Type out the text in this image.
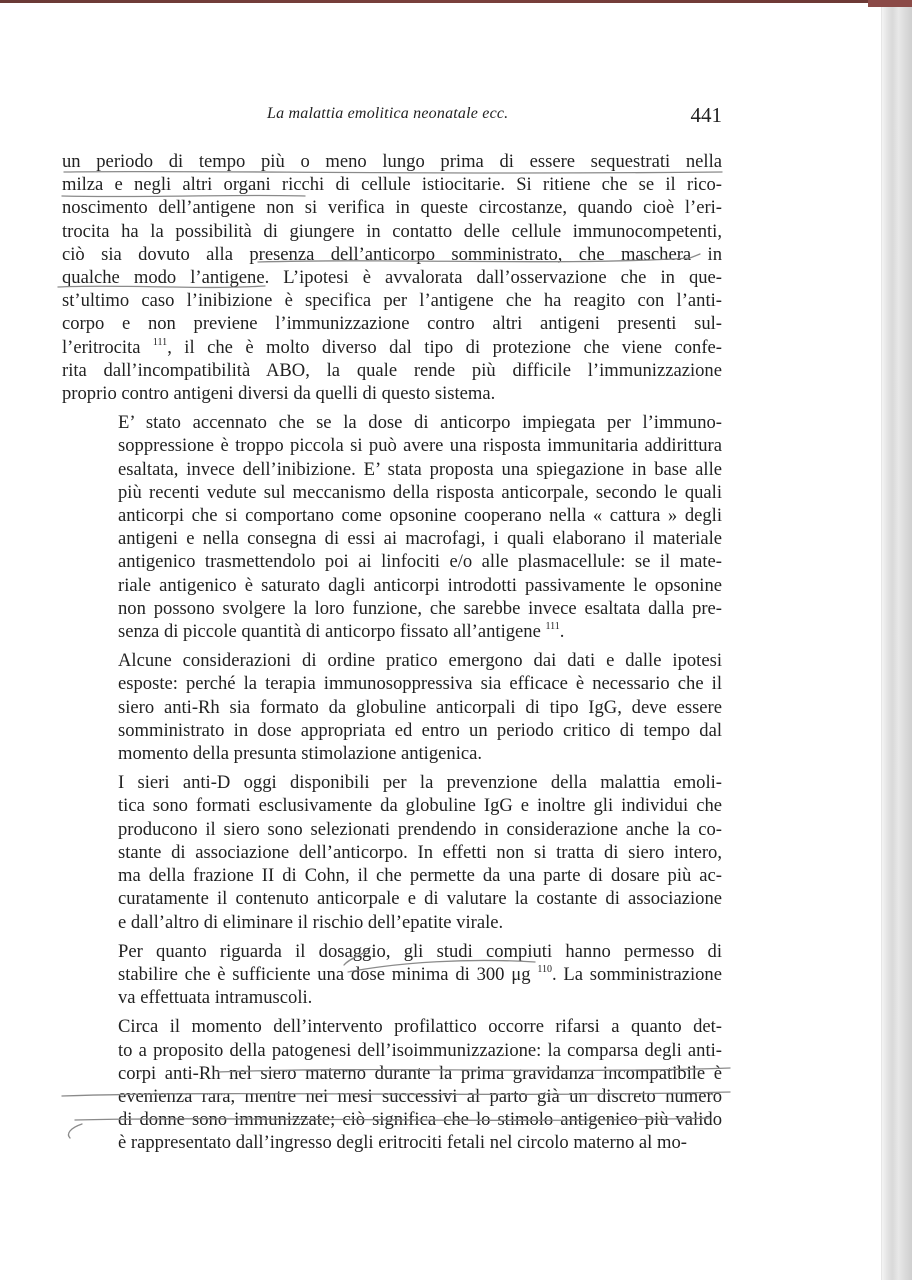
La malattia emolitica neonatale ecc.	441

un periodo di tempo più o meno lungo prima di essere sequestrati nella
milza e negli altri organi ricchi di cellule istiocitarie. Si ritiene che se il rico-
noscimento dell’antigene non si verifica in queste circostanze, quando cioè l’eri-
trocita ha la possibilità di giungere in contatto delle cellule immunocompetenti,
ciò sia dovuto alla presenza dell’anticorpo somministrato, che maschera in
qualche modo l’antigene. L’ipotesi è avvalorata dall’osservazione che in que-
st’ultimo caso l’inibizione è specifica per l’antigene che ha reagito con l’anti-
corpo e non previene l’immunizzazione contro altri antigeni presenti sul-
l’eritrocita $^{111}$, il che è molto diverso dal tipo di protezione che viene confe-
rita dall’incompatibilità ABO, la quale rende più difficile l’immunizzazione
proprio contro antigeni diversi da quelli di questo sistema.

E’ stato accennato che se la dose di anticorpo impiegata per l’immuno-
soppressione è troppo piccola si può avere una risposta immunitaria addirittura
esaltata, invece dell’inibizione. E’ stata proposta una spiegazione in base alle
più recenti vedute sul meccanismo della risposta anticorpale, secondo le quali
anticorpi che si comportano come opsonine cooperano nella « cattura » degli
antigeni e nella consegna di essi ai macrofagi, i quali elaborano il materiale
antigenico trasmettendolo poi ai linfociti e/o alle plasmacellule: se il mate-
riale antigenico è saturato dagli anticorpi introdotti passivamente le opsonine
non possono svolgere la loro funzione, che sarebbe invece esaltata dalla pre-
senza di piccole quantità di anticorpo fissato all’antigene $^{111}$.

Alcune considerazioni di ordine pratico emergono dai dati e dalle ipotesi
esposte: perché la terapia immunosoppressiva sia efficace è necessario che il
siero anti-Rh sia formato da globuline anticorpali di tipo IgG, deve essere
somministrato in dose appropriata ed entro un periodo critico di tempo dal
momento della presunta stimolazione antigenica.

I sieri anti-D oggi disponibili per la prevenzione della malattia emoli-
tica sono formati esclusivamente da globuline IgG e inoltre gli individui che
producono il siero sono selezionati prendendo in considerazione anche la co-
stante di associazione dell’anticorpo. In effetti non si tratta di siero intero,
ma della frazione II di Cohn, il che permette da una parte di dosare più ac-
curatamente il contenuto anticorpale e di valutare la costante di associazione
e dall’altro di eliminare il rischio dell’epatite virale.

Per quanto riguarda il dosaggio, gli studi compiuti hanno permesso di
stabilire che è sufficiente una dose minima di 300 μg $^{110}$. La somministrazione
va effettuata intramuscoli.

Circa il momento dell’intervento profilattico occorre rifarsi a quanto det-
to a proposito della patogenesi dell’isoimmunizzazione: la comparsa degli anti-
corpi anti-Rh nel siero materno durante la prima gravidanza incompatibile è
evenienza rara, mentre nei mesi successivi al parto già un discreto numero
di donne sono immunizzate; ciò significa che lo stimolo antigenico più valido
è rappresentato dall’ingresso degli eritrociti fetali nel circolo materno al mo-
